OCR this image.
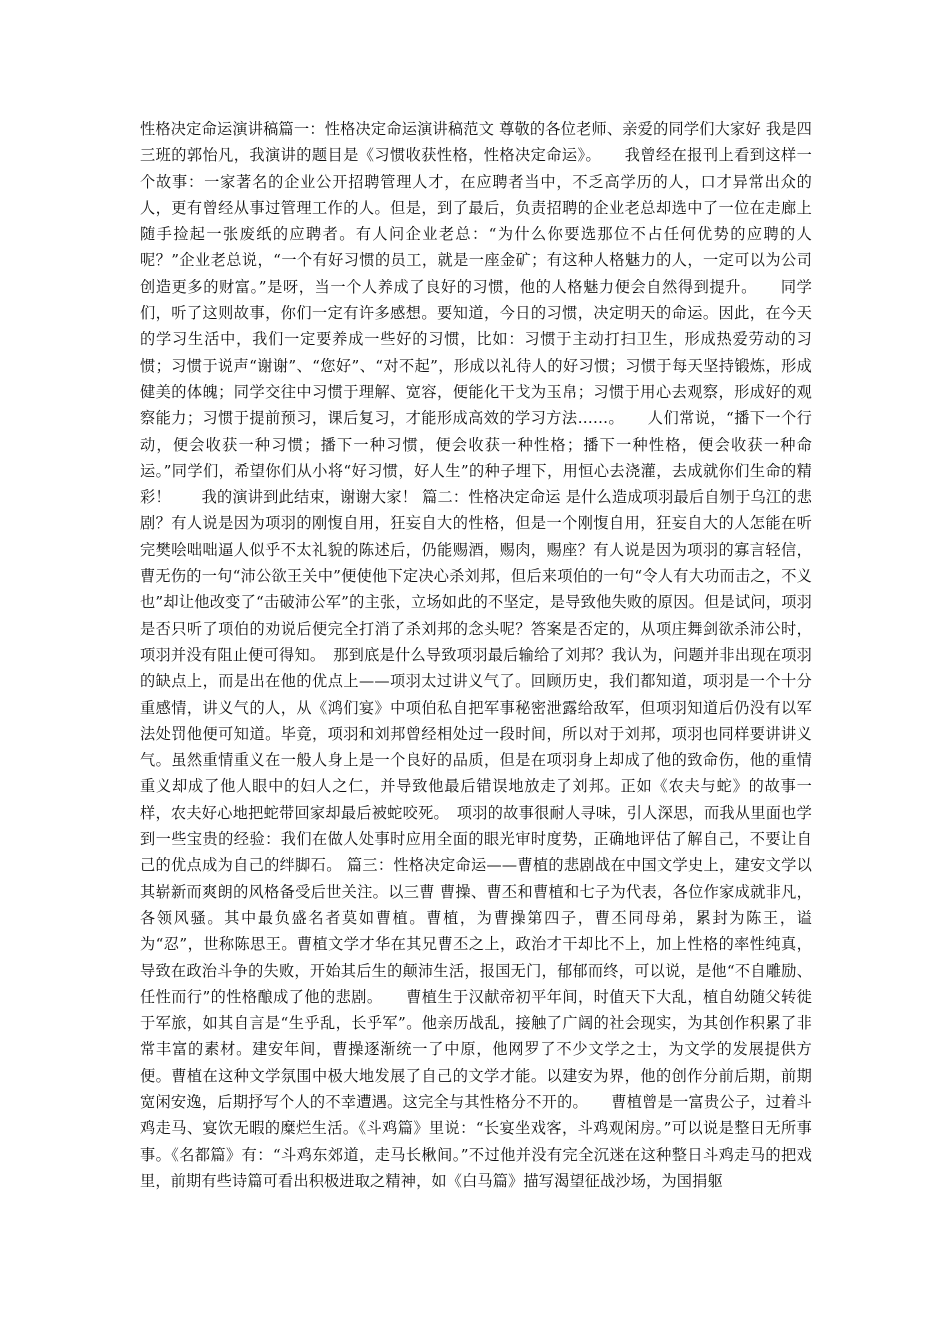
性格决定命运演讲稿篇一：性格决定命运演讲稿范文 尊敬的各位老师、亲爱的同学们大家好 我是四三班的郭怡凡，我演讲的题目是《习惯收获性格，性格决定命运》。　　我曾经在报刊上看到这样一个故事：一家著名的企业公开招聘管理人才，在应聘者当中，不乏高学历的人，口才异常出众的人，更有曾经从事过管理工作的人。但是，到了最后，负责招聘的企业老总却选中了一位在走廊上随手捡起一张废纸的应聘者。有人问企业老总：“为什么你要选那位不占任何优势的应聘的人呢？”企业老总说，“一个有好习惯的员工，就是一座金矿；有这种人格魅力的人，一定可以为公司创造更多的财富。”是呀，当一个人养成了良好的习惯，他的人格魅力便会自然得到提升。　　同学们，听了这则故事，你们一定有许多感想。要知道，今日的习惯，决定明天的命运。因此，在今天的学习生活中，我们一定要养成一些好的习惯，比如：习惯于主动打扫卫生，形成热爱劳动的习惯；习惯于说声“谢谢”、“您好”、“对不起”，形成以礼待人的好习惯；习惯于每天坚持锻炼，形成健美的体魄；同学交往中习惯于理解、宽容，便能化干戈为玉帛；习惯于用心去观察，形成好的观察能力；习惯于提前预习，课后复习，才能形成高效的学习方法……。　　人们常说，“播下一个行动，便会收获一种习惯；播下一种习惯，便会收获一种性格；播下一种性格，便会收获一种命运。”同学们，希望你们从小将“好习惯，好人生”的种子埋下，用恒心去浇灌，去成就你们生命的精彩！　　我的演讲到此结束，谢谢大家！ 篇二：性格决定命运 是什么造成项羽最后自刎于乌江的悲剧？有人说是因为项羽的刚愎自用，狂妄自大的性格，但是一个刚愎自用，狂妄自大的人怎能在听完樊哙咄咄逼人似乎不太礼貌的陈述后，仍能赐酒，赐肉，赐座？有人说是因为项羽的寡言轻信，曹无伤的一句“沛公欲王关中”便使他下定决心杀刘邦，但后来项伯的一句“令人有大功而击之，不义也”却让他改变了“击破沛公军”的主张，立场如此的不坚定，是导致他失败的原因。但是试问，项羽是否只听了项伯的劝说后便完全打消了杀刘邦的念头呢？答案是否定的，从项庄舞剑欲杀沛公时，项羽并没有阻止便可得知。　那到底是什么导致项羽最后输给了刘邦？我认为，问题并非出现在项羽的缺点上，而是出在他的优点上——项羽太过讲义气了。回顾历史，我们都知道，项羽是一个十分重感情，讲义气的人，从《鸿们宴》中项伯私自把军事秘密泄露给敌军，但项羽知道后仍没有以军法处罚他便可知道。毕竟，项羽和刘邦曾经相处过一段时间，所以对于刘邦，项羽也同样要讲讲义气。虽然重情重义在一般人身上是一个良好的品质，但是在项羽身上却成了他的致命伤，他的重情重义却成了他人眼中的妇人之仁，并导致他最后错误地放走了刘邦。正如《农夫与蛇》的故事一样，农夫好心地把蛇带回家却最后被蛇咬死。　项羽的故事很耐人寻味，引人深思，而我从里面也学到一些宝贵的经验：我们在做人处事时应用全面的眼光审时度势，正确地评估了解自己，不要让自己的优点成为自己的绊脚石。 篇三：性格决定命运——曹植的悲剧战在中国文学史上，建安文学以其崭新而爽朗的风格备受后世关注。以三曹 曹操、曹丕和曹植和七子为代表，各位作家成就非凡，各领风骚。其中最负盛名者莫如曹植。曹植，为曹操第四子，曹丕同母弟，累封为陈王，谥为“忍”，世称陈思王。曹植文学才华在其兄曹丕之上，政治才干却比不上，加上性格的率性纯真，导致在政治斗争的失败，开始其后生的颠沛生活，报国无门，郁郁而终，可以说，是他“不自雕励、任性而行”的性格酿成了他的悲剧。　　曹植生于汉献帝初平年间，时值天下大乱，植自幼随父转徙于军旅，如其自言是“生乎乱，长乎军”。他亲历战乱，接触了广阔的社会现实，为其创作积累了非常丰富的素材。建安年间，曹操逐渐统一了中原，他网罗了不少文学之士，为文学的发展提供方便。曹植在这种文学氛围中极大地发展了自己的文学才能。以建安为界，他的创作分前后期，前期宽闲安逸，后期抒写个人的不幸遭遇。这完全与其性格分不开的。　　曹植曾是一富贵公子，过着斗鸡走马、宴饮无暇的糜烂生活。《斗鸡篇》里说：“长宴坐戏客，斗鸡观闲房。”可以说是整日无所事事。《名都篇》有：“斗鸡东郊道，走马长楸间。”不过他并没有完全沉迷在这种整日斗鸡走马的把戏里，前期有些诗篇可看出积极进取之精神，如《白马篇》描写渴望征战沙场，为国捐躯
